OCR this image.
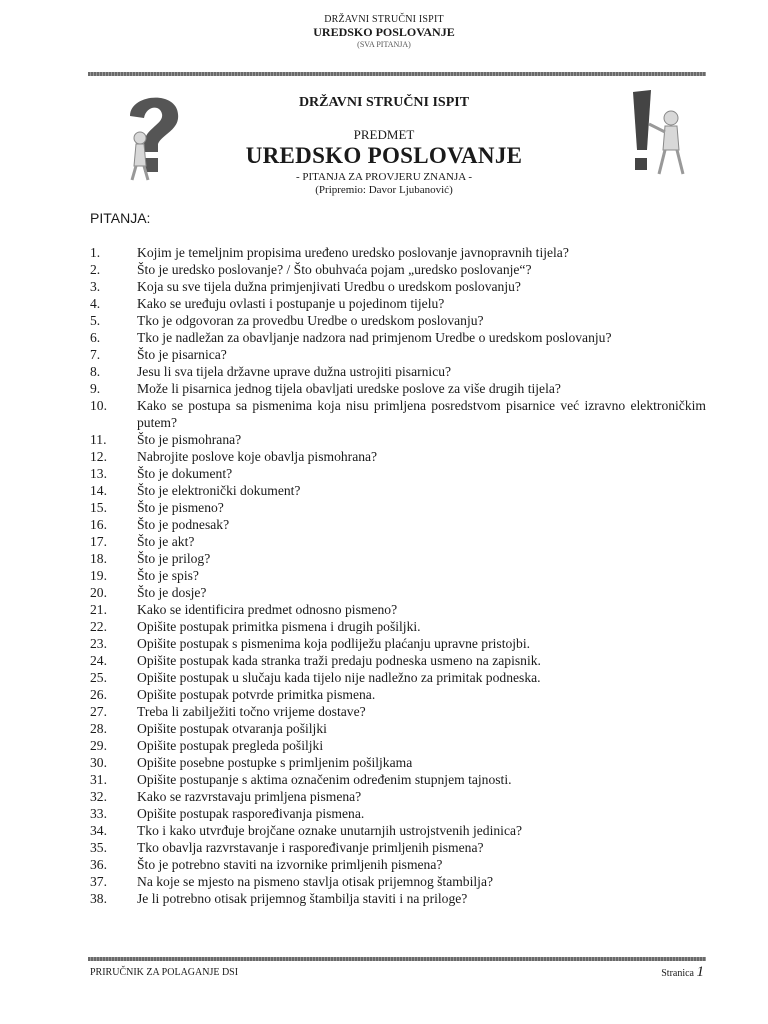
DRŽAVNI STRUČNI ISPIT
UREDSKO POSLOVANJE
(SVA PITANJA)
DRŽAVNI STRUČNI ISPIT
PREDMET
UREDSKO POSLOVANJE
- PITANJA ZA PROVJERU ZNANJA -
(Pripremio: Davor Ljubanović)
PITANJA:
1.	Kojim je temeljnim propisima uređeno uredsko poslovanje javnopravnih tijela?
2.	Što je uredsko poslovanje? / Što obuhvaća pojam „uredsko poslovanje“?
3.	Koja su sve tijela dužna primjenjivati Uredbu o uredskom poslovanju?
4.	Kako se uređuju ovlasti i postupanje u pojedinom tijelu?
5.	Tko je odgovoran za provedbu Uredbe o uredskom poslovanju?
6.	Tko je nadležan za obavljanje nadzora nad primjenom Uredbe o uredskom poslovanju?
7.	Što je pisarnica?
8.	Jesu li sva tijela državne uprave dužna ustrojiti pisarnicu?
9.	Može li pisarnica jednog tijela obavljati uredske poslove za više drugih tijela?
10. Kako se postupa sa pismenima koja nisu primljena posredstvom pisarnice već izravno elektroničkim putem?
11. Što je pismohrana?
12. Nabrojite poslove koje obavlja pismohrana?
13. Što je dokument?
14. Što je elektronički dokument?
15. Što je pismeno?
16. Što je podnesak?
17. Što je akt?
18. Što je prilog?
19. Što je spis?
20. Što je dosje?
21. Kako se identificira predmet odnosno pismeno?
22. Opišite postupak primitka pismena i drugih pošiljki.
23. Opišite postupak s pismenima koja podliježu plaćanju upravne pristojbi.
24. Opišite postupak kada stranka traži predaju podneska usmeno na zapisnik.
25. Opišite postupak u slučaju kada tijelo nije nadležno za primitak podneska.
26. Opišite postupak potvrde primitka pismena.
27. Treba li zabilježiti točno vrijeme dostave?
28. Opišite postupak otvaranja pošiljki
29. Opišite postupak pregleda pošiljki
30. Opišite posebne postupke s primljenim pošiljkama
31. Opišite postupanje s aktima označenim određenim stupnjem tajnosti.
32. Kako se razvrstavaju primljena pismena?
33. Opišite postupak raspoređivanja pismena.
34. Tko i kako utvrđuje brojčane oznake unutarnjih ustrojstvenih jedinica?
35. Tko obavlja razvrstavanje i raspoređivanje primljenih pismena?
36. Što je potrebno staviti na izvornike primljenih pismena?
37. Na koje se mjesto na pismeno stavlja otisak prijemnog štambilja?
38. Je li potrebno otisak prijemnog štambilja staviti i na priloge?
PRIRUČNIK ZA POLAGANJE DSI	Stranica 1
